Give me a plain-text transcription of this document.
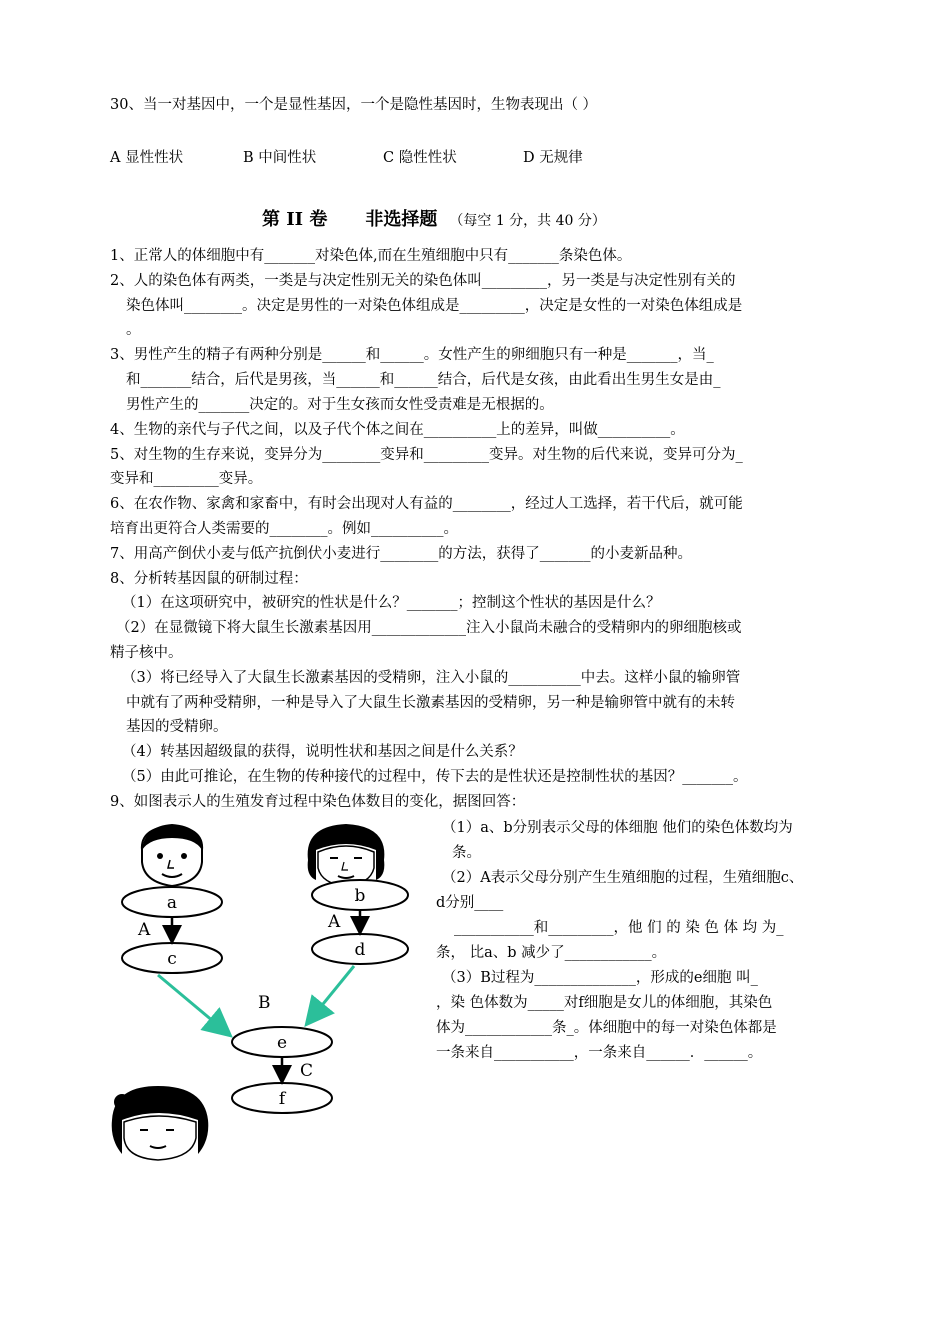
30、当一对基因中，一个是显性基因，一个是隐性基因时，生物表现出（ ）
A 显性性状	B 中间性状	C 隐性性状	D 无规律
第 II 卷 非选择题 （每空 1 分，共 40 分）
1、正常人的体细胞中有_______对染色体,而在生殖细胞中只有_______条染色体。
2、人的染色体有两类，一类是与决定性别无关的染色体叫_________，另一类是与决定性别有关的
染色体叫________。决定是男性的一对染色体组成是_________，决定是女性的一对染色体组成是
。
3、男性产生的精子有两种分别是______和______。女性产生的卵细胞只有一种是_______，当_
和_______结合，后代是男孩，当______和______结合，后代是女孩，由此看出生男生女是由_
男性产生的_______决定的。对于生女孩而女性受责难是无根据的。
4、生物的亲代与子代之间，以及子代个体之间在__________上的差异，叫做__________。
5、对生物的生存来说，变异分为________变异和_________变异。对生物的后代来说，变异可分为_
变异和_________变异。
6、在农作物、家禽和家畜中，有时会出现对人有益的________，经过人工选择，若干代后，就可能
培育出更符合人类需要的________。例如__________。
7、用高产倒伏小麦与低产抗倒伏小麦进行________的方法，获得了_______的小麦新品种。
8、分析转基因鼠的研制过程：
（1）在这项研究中，被研究的性状是什么？_______；控制这个性状的基因是什么？
（2）在显微镜下将大鼠生长激素基因用_____________注入小鼠尚未融合的受精卵内的卵细胞核或
精子核中。
（3）将已经导入了大鼠生长激素基因的受精卵，注入小鼠的__________中去。这样小鼠的输卵管
中就有了两种受精卵，一种是导入了大鼠生长激素基因的受精卵，另一种是输卵管中就有的未转
基因的受精卵。
（4）转基因超级鼠的获得，说明性状和基因之间是什么关系？
（5）由此可推论，在生物的传种接代的过程中，传下去的是性状还是控制性状的基因？_______。
9、如图表示人的生殖发育过程中染色体数目的变化，据图回答：
（1）a、b分别表示父母的体细胞 他们的染色体数均为
条。
（2）A表示父母分别产生生殖细胞的过程，生殖细胞c、
d分别____
___________和_________，他 们 的 染 色 体 均 为_
条， 比a、b 减少了____________。
（3）B过程为______________，形成的e细胞 叫_
，染 色体数为_____对f细胞是女儿的体细胞，其染色
体为____________条_。体细胞中的每一对染色体都是
一条来自___________，一条来自______．______。
a	b
c	d
e
f
A	A
B
C
